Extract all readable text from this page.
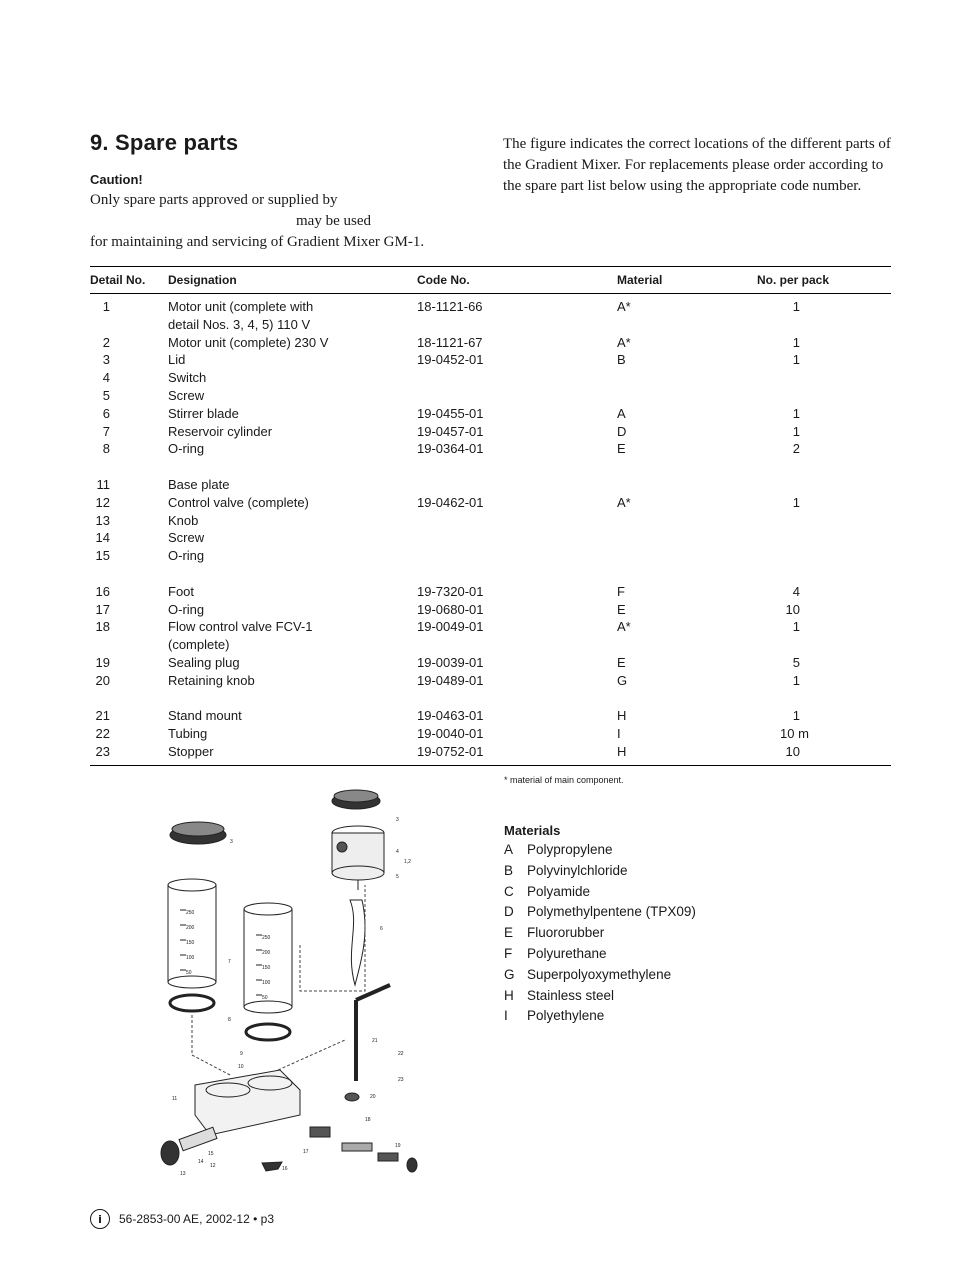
9. Spare parts
Caution!
Only spare parts approved or supplied by
may be used
for maintaining and servicing of Gradient Mixer GM-1.
The figure indicates the correct locations of the different parts of the Gradient Mixer. For replacements please order according to the spare part list below using the appropriate code number.
Detail No. Designation	Code No.	Material	No. per pack
1	Motor unit (complete with	18-1121-66	A*	1
detail Nos. 3, 4, 5) 110 V
2	Motor unit (complete) 230 V	18-1121-67	A*	1
3	Lid	19-0452-01	B	1
4	Switch
5	Screw
6	Stirrer blade	19-0455-01	A	1
7	Reservoir cylinder	19-0457-01	D	1
8	O-ring	19-0364-01	E	2
11	Base plate
12	Control valve (complete)	19-0462-01	A*	1
13	Knob
14	Screw
15	O-ring
16	Foot	19-7320-01	F	4
17	O-ring	19-0680-01	E	10
18	Flow control valve FCV-1	19-0049-01	A*	1
(complete)
19	Sealing plug	19-0039-01	E	5
20	Retaining knob	19-0489-01	G	1
21	Stand mount	19-0463-01	H	1
22	Tubing	19-0040-01	I	10 m
23	Stopper	19-0752-01	H	10
* material of main component.
Materials
A Polypropylene
B Polyvinylchloride
C Polyamide
D Polymethylpentene (TPX09)
E Fluororubber
F Polyurethane
G Superpolyoxymethylene
H Stainless steel
I Polyethylene
3
3
4
1,2
5
6
7
8
9
10
11
12
13
14
15
16
17
18
19
20
21
22
23
250
200
150
100
50
250
200
150
100
50
i	56-2853-00 AE, 2002-12 • p3
